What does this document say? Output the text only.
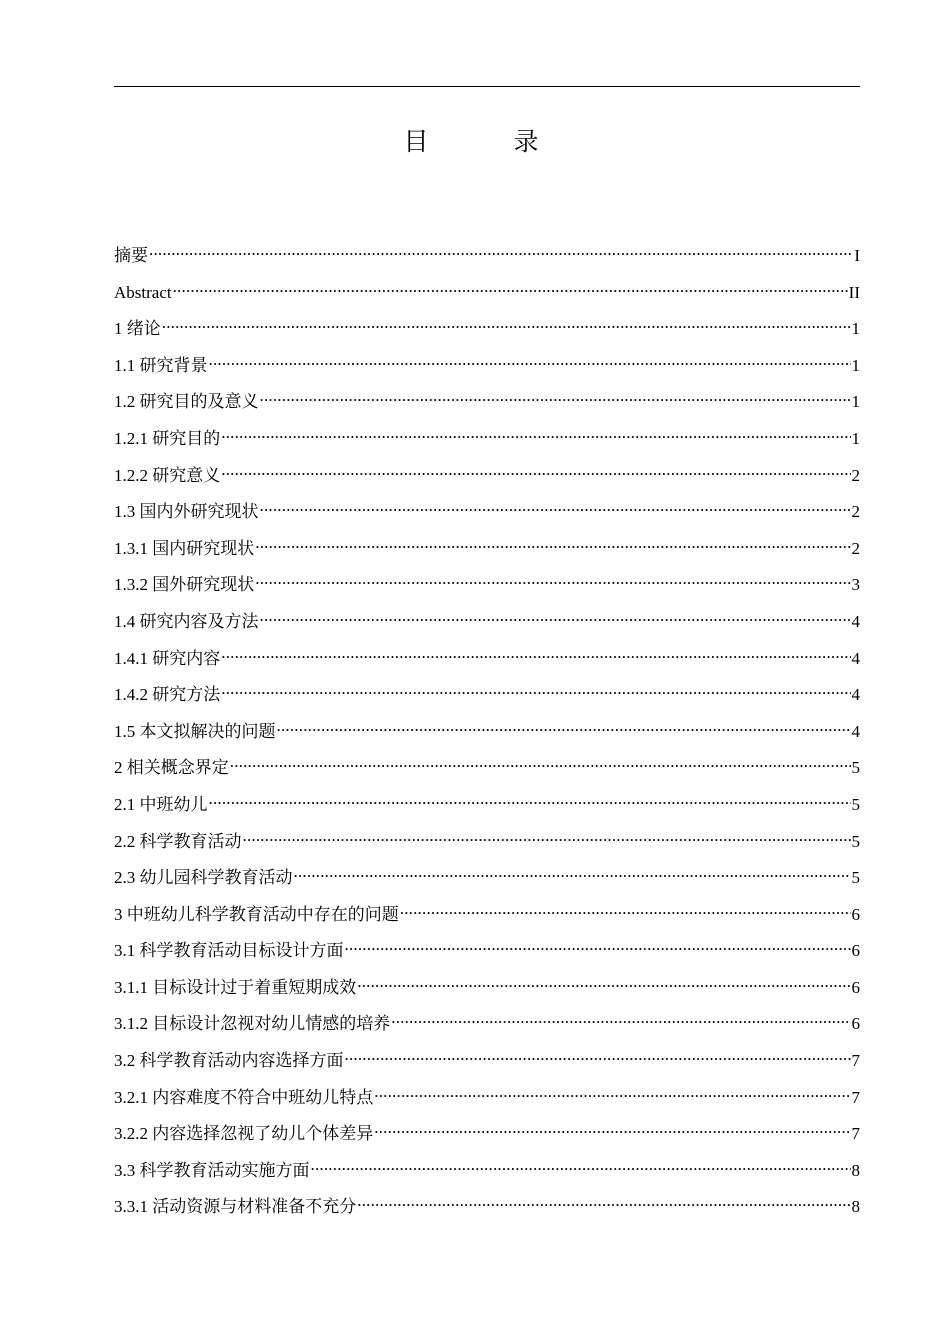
目　录
摘要 .....	I
Abstract .....	II
1 绪论 .....	1
1.1 研究背景 .....	1
1.2 研究目的及意义 .....	1
1.2.1 研究目的 .....	1
1.2.2 研究意义 .....	2
1.3 国内外研究现状 .....	2
1.3.1 国内研究现状 .....	2
1.3.2 国外研究现状 .....	3
1.4 研究内容及方法 .....	4
1.4.1 研究内容 .....	4
1.4.2 研究方法 .....	4
1.5 本文拟解决的问题 .....	4
2 相关概念界定 .....	5
2.1 中班幼儿 .....	5
2.2 科学教育活动 .....	5
2.3 幼儿园科学教育活动 .....	5
3 中班幼儿科学教育活动中存在的问题 .....	6
3.1 科学教育活动目标设计方面 .....	6
3.1.1 目标设计过于着重短期成效 .....	6
3.1.2 目标设计忽视对幼儿情感的培养 .....	6
3.2 科学教育活动内容选择方面 .....	7
3.2.1 内容难度不符合中班幼儿特点 .....	7
3.2.2 内容选择忽视了幼儿个体差异 .....	7
3.3 科学教育活动实施方面 .....	8
3.3.1 活动资源与材料准备不充分 .....	8
